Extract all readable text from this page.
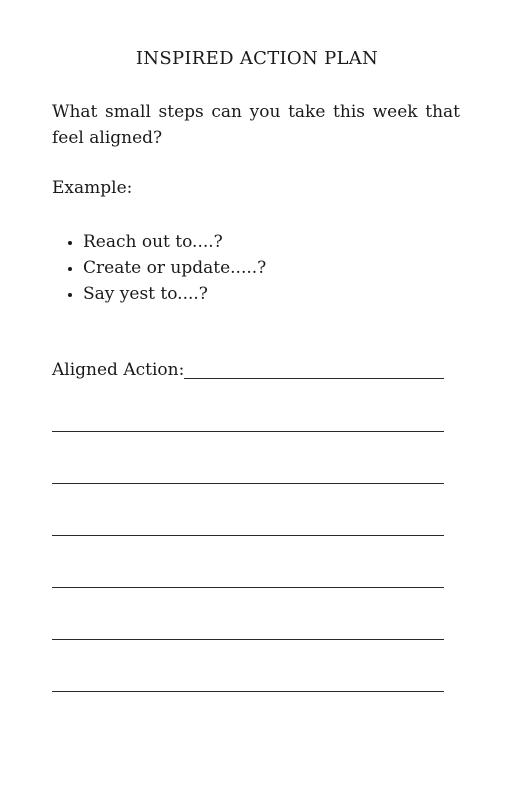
INSPIRED ACTION PLAN

What small steps can you take this week that feel aligned?

Example:
Reach out to....?
Create or update.....?
Say yest to....?
Aligned Action:
